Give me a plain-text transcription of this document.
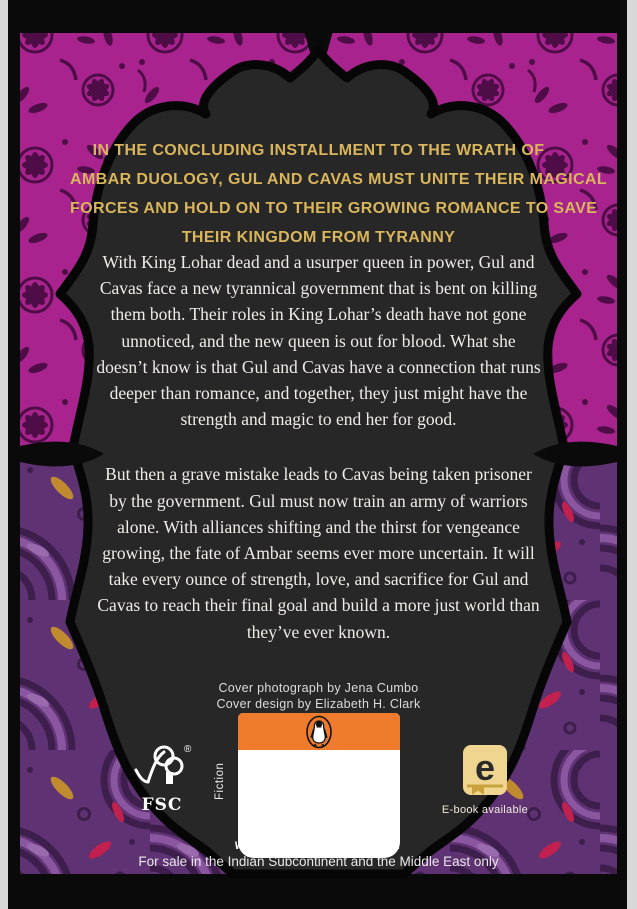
IN THE CONCLUDING INSTALLMENT TO THE WRATH OF
AMBAR DUOLOGY, GUL AND CAVAS MUST UNITE THEIR MAGICAL
FORCES AND HOLD ON TO THEIR GROWING ROMANCE TO SAVE
THEIR KINGDOM FROM TYRANNY

With King Lohar dead and a usurper queen in power, Gul and Cavas face a new tyrannical government that is bent on killing them both. Their roles in King Lohar’s death have not gone unnoticed, and the new queen is out for blood. What she doesn’t know is that Gul and Cavas have a connection that runs deeper than romance, and together, they just might have the strength and magic to end her for good.

But then a grave mistake leads to Cavas being taken prisoner by the government. Gul must now train an army of warriors alone. With alliances shifting and the thirst for vengeance growing, the fate of Ambar seems ever more uncertain. It will take every ounce of strength, love, and sacrifice for Gul and Cavas to reach their final goal and build a more just world than they’ve ever known.

Cover photograph by Jena Cumbo
Cover design by Elizabeth H. Clark
®
FSC
Fiction	e
E-book available
www.penguin.co.in
For sale in the Indian Subcontinent and the Middle East only
